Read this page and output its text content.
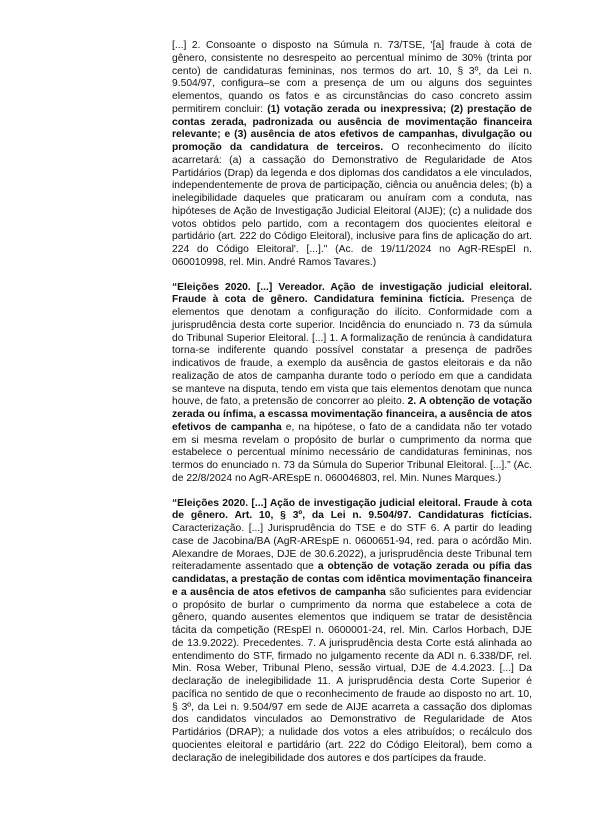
[...] 2. Consoante o disposto na Súmula n. 73/TSE, '[a] fraude à cota de gênero, consistente no desrespeito ao percentual mínimo de 30% (trinta por cento) de candidaturas femininas, nos termos do art. 10, § 3º, da Lei n. 9.504/97, configura–se com a presença de um ou alguns dos seguintes elementos, quando os fatos e as circunstâncias do caso concreto assim permitirem concluir: (1) votação zerada ou inexpressiva; (2) prestação de contas zerada, padronizada ou ausência de movimentação financeira relevante; e (3) ausência de atos efetivos de campanhas, divulgação ou promoção da candidatura de terceiros. O reconhecimento do ilícito acarretará: (a) a cassação do Demonstrativo de Regularidade de Atos Partidários (Drap) da legenda e dos diplomas dos candidatos a ele vinculados, independentemente de prova de participação, ciência ou anuência deles; (b) a inelegibilidade daqueles que praticaram ou anuíram com a conduta, nas hipóteses de Ação de Investigação Judicial Eleitoral (AIJE); (c) a nulidade dos votos obtidos pelo partido, com a recontagem dos quocientes eleitoral e partidário (art. 222 do Código Eleitoral), inclusive para fins de aplicação do art. 224 do Código Eleitoral'. [...]." (Ac. de 19/11/2024 no AgR-REspEl n. 060010998, rel. Min. André Ramos Tavares.)

“Eleições 2020. [...] Vereador. Ação de investigação judicial eleitoral. Fraude à cota de gênero. Candidatura feminina fictícia. Presença de elementos que denotam a configuração do ilícito. Conformidade com a jurisprudência desta corte superior. Incidência do enunciado n. 73 da súmula do Tribunal Superior Eleitoral. [...] 1. A formalização de renúncia à candidatura torna-se indiferente quando possível constatar a presença de padrões indicativos de fraude, a exemplo da ausência de gastos eleitorais e da não realização de atos de campanha durante todo o período em que a candidata se manteve na disputa, tendo em vista que tais elementos denotam que nunca houve, de fato, a pretensão de concorrer ao pleito. 2. A obtenção de votação zerada ou ínfima, a escassa movimentação financeira, a ausência de atos efetivos de campanha e, na hipótese, o fato de a candidata não ter votado em si mesma revelam o propósito de burlar o cumprimento da norma que estabelece o percentual mínimo necessário de candidaturas femininas, nos termos do enunciado n. 73 da Súmula do Superior Tribunal Eleitoral. [...].” (Ac. de 22/8/2024 no AgR-AREspE n. 060046803, rel. Min. Nunes Marques.)

“Eleições 2020. [...] Ação de investigação judicial eleitoral. Fraude à cota de gênero. Art. 10, § 3º, da Lei n. 9.504/97. Candidaturas fictícias. Caracterização. [...] Jurisprudência do TSE e do STF 6. A partir do leading case de Jacobina/BA (AgR-AREspE n. 0600651-94, red. para o acórdão Min. Alexandre de Moraes, DJE de 30.6.2022), a jurisprudência deste Tribunal tem reiteradamente assentado que a obtenção de votação zerada ou pífia das candidatas, a prestação de contas com idêntica movimentação financeira e a ausência de atos efetivos de campanha são suficientes para evidenciar o propósito de burlar o cumprimento da norma que estabelece a cota de gênero, quando ausentes elementos que indiquem se tratar de desistência tácita da competição (REspEl n. 0600001-24, rel. Min. Carlos Horbach, DJE de 13.9.2022). Precedentes. 7. A jurisprudência desta Corte está alinhada ao entendimento do STF, firmado no julgamento recente da ADI n. 6.338/DF, rel. Min. Rosa Weber, Tribunal Pleno, sessão virtual, DJE de 4.4.2023. [...] Da declaração de inelegibilidade 11. A jurisprudência desta Corte Superior é pacífica no sentido de que o reconhecimento de fraude ao disposto no art. 10, § 3º, da Lei n. 9.504/97 em sede de AIJE acarreta a cassação dos diplomas dos candidatos vinculados ao Demonstrativo de Regularidade de Atos Partidários (DRAP); a nulidade dos votos a eles atribuídos; o recálculo dos quocientes eleitoral e partidário (art. 222 do Código Eleitoral), bem como a declaração de inelegibilidade dos autores e dos partícipes da fraude.
